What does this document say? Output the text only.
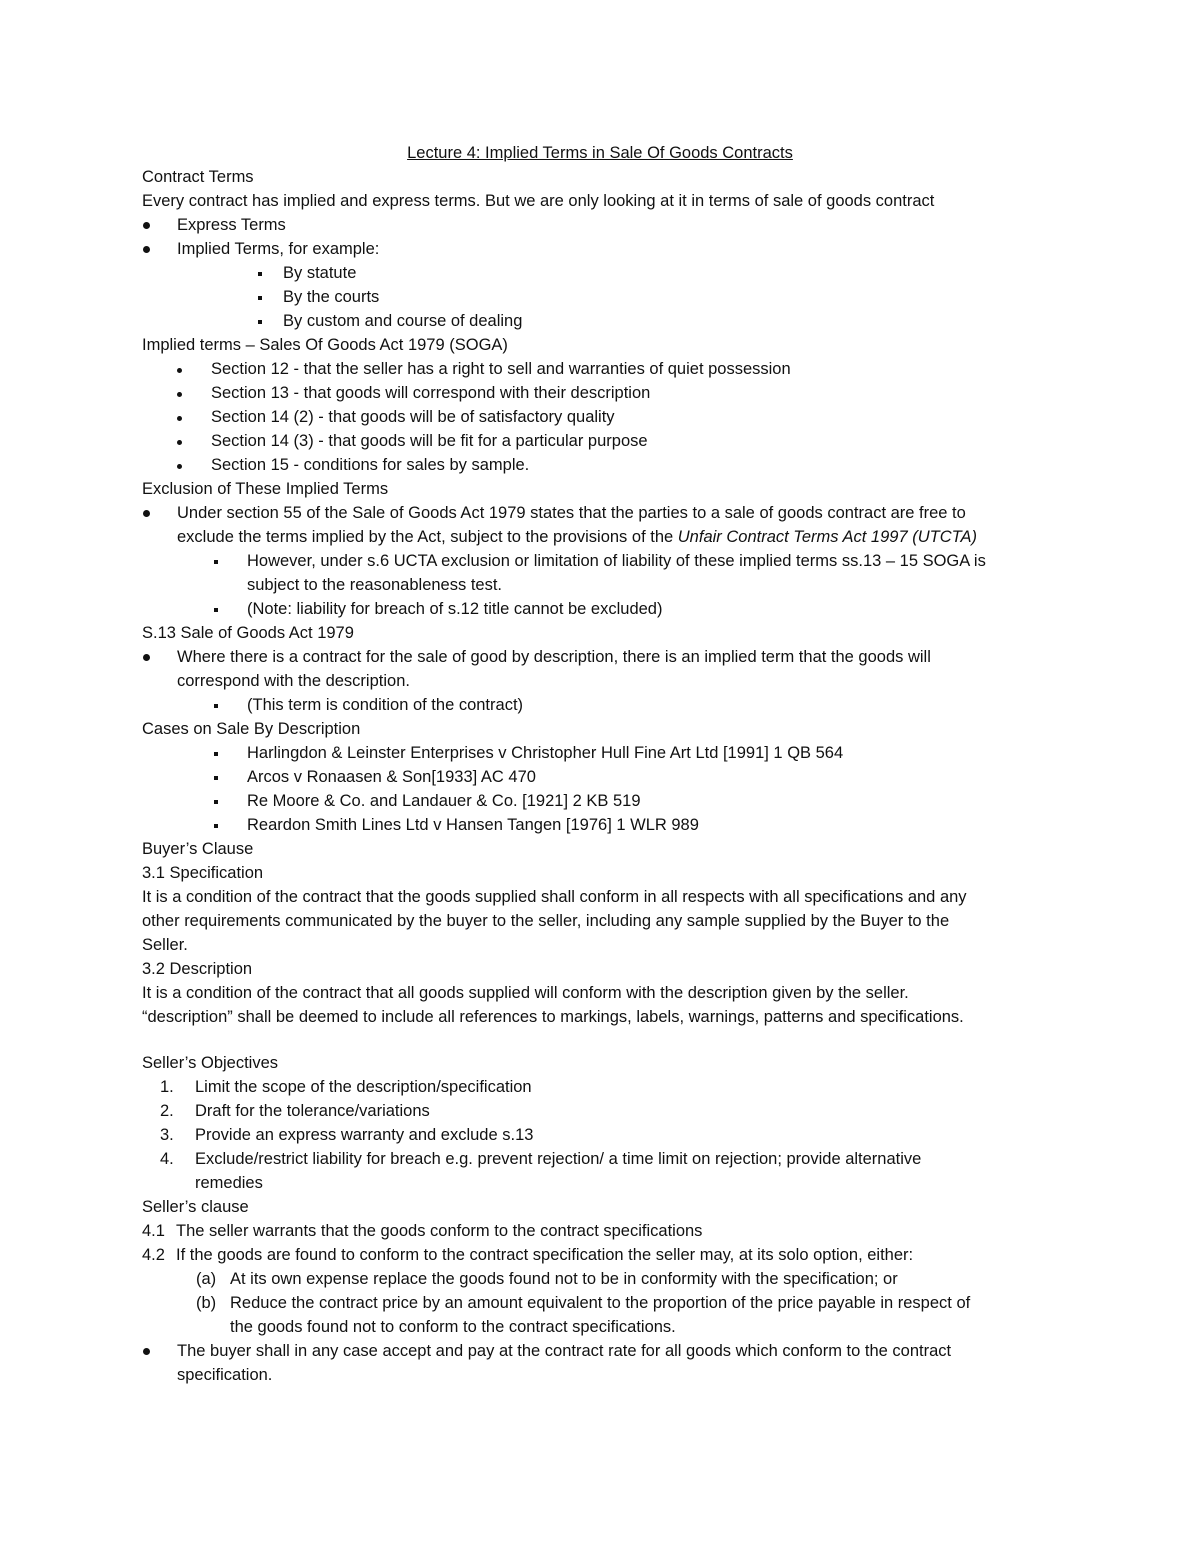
Lecture 4: Implied Terms in Sale Of Goods Contracts
Contract Terms
Every contract has implied and express terms. But we are only looking at it in terms of sale of goods contract
Express Terms
Implied Terms, for example:
By statute
By the courts
By custom and course of dealing
Implied terms – Sales Of Goods Act 1979 (SOGA)
Section 12 - that the seller has a right to sell and warranties of quiet possession
Section 13 - that goods will correspond with their description
Section 14 (2) - that goods will be of satisfactory quality
Section 14 (3) - that goods will be fit for a particular purpose
Section 15 - conditions for sales by sample.
Exclusion of These Implied Terms
Under section 55 of the Sale of Goods Act 1979 states that the parties to a sale of goods contract are free to
exclude the terms implied by the Act, subject to the provisions of the Unfair Contract Terms Act 1997 (UTCTA)
However, under s.6 UCTA exclusion or limitation of liability of these implied terms ss.13 – 15 SOGA is
subject to the reasonableness test.
(Note: liability for breach of s.12 title cannot be excluded)
S.13 Sale of Goods Act 1979
Where there is a contract for the sale of good by description, there is an implied term that the goods will
correspond with the description.
(This term is condition of the contract)
Cases on Sale By Description
Harlingdon & Leinster Enterprises v Christopher Hull Fine Art Ltd [1991] 1 QB 564
Arcos v Ronaasen & Son[1933] AC 470
Re Moore & Co. and Landauer & Co. [1921] 2 KB 519
Reardon Smith Lines Ltd v Hansen Tangen [1976] 1 WLR 989
Buyer’s Clause
3.1 Specification
It is a condition of the contract that the goods supplied shall conform in all respects with all specifications and any
other requirements communicated by the buyer to the seller, including any sample supplied by the Buyer to the
Seller.
3.2 Description
It is a condition of the contract that all goods supplied will conform with the description given by the seller.
“description” shall be deemed to include all references to markings, labels, warnings, patterns and specifications.
Seller’s Objectives
1. Limit the scope of the description/specification
2. Draft for the tolerance/variations
3. Provide an express warranty and exclude s.13
4. Exclude/restrict liability for breach e.g. prevent rejection/ a time limit on rejection; provide alternative
remedies
Seller’s clause
4.1 The seller warrants that the goods conform to the contract specifications
4.2 If the goods are found to conform to the contract specification the seller may, at its solo option, either:
(a) At its own expense replace the goods found not to be in conformity with the specification; or
(b) Reduce the contract price by an amount equivalent to the proportion of the price payable in respect of
the goods found not to conform to the contract specifications.
The buyer shall in any case accept and pay at the contract rate for all goods which conform to the contract
specification.
